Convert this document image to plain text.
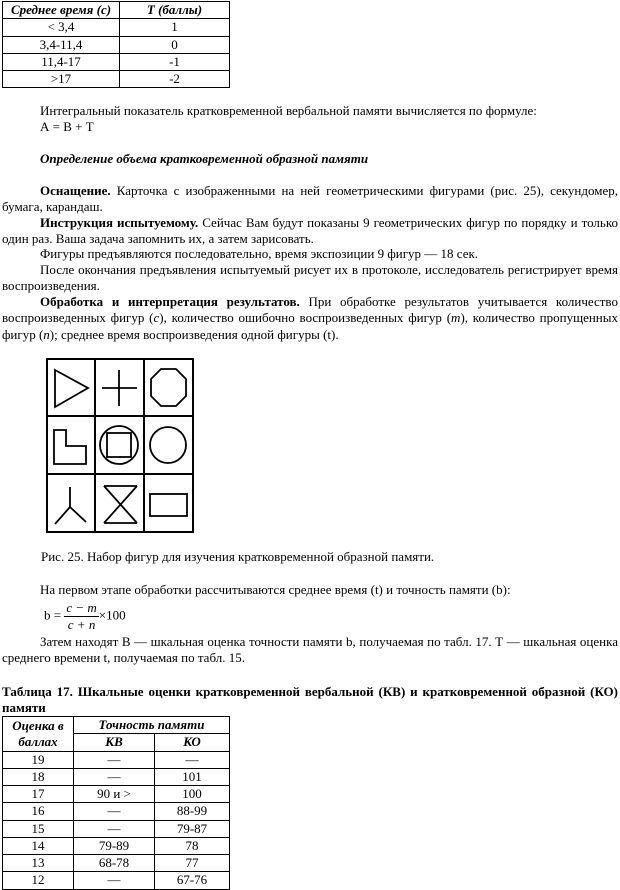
Среднее время (с)	T (баллы)
< 3,4	1
3,4-11,4	0
11,4-17	-1
>17	-2

Интегральный показатель кратковременной вербальной памяти вычисляется по формуле:

А = В + Т

Определение объема кратковременной образной памяти

Оснащение. Карточка с изображенными на ней геометрическими фигурами (рис. 25), секундомер, бумага, карандаш.

Инструкция испытуемому. Сейчас Вам будут показаны 9 геометрических фигур по порядку и только один раз. Ваша задача запомнить их, а затем зарисовать.

Фигуры предъявляются последовательно, время экспозиции 9 фигур — 18 сек.

После окончания предъявления испытуемый рисует их в протоколе, исследователь регистрирует время воспроизведения.

Обработка и интерпретация результатов. При обработке результатов учитывается количество воспроизведенных фигур (c), количество ошибочно воспроизведенных фигур (m), количество пропущенных фигур (n); среднее время воспроизведения одной фигуры (t).

Рис. 25. Набор фигур для изучения кратковременной образной памяти.

На первом этапе обработки рассчитываются среднее время (t) и точность памяти (b):

$b = \frac{c - m}{c + n} \times 100$

Затем находят В — шкальная оценка точности памяти b, получаемая по табл. 17. Т — шкальная оценка среднего времени t, получаемая по табл. 15.

Таблица 17. Шкальные оценки кратковременной вербальной (КВ) и кратковременной образной (КО) памяти

Оценка в баллах	Точность памяти	
	КВ	КО
19	—	—
18	—	101
17	90 и >	100
16	—	88-99
15	—	79-87
14	79-89	78
13	68-78	77
12	—	67-76
